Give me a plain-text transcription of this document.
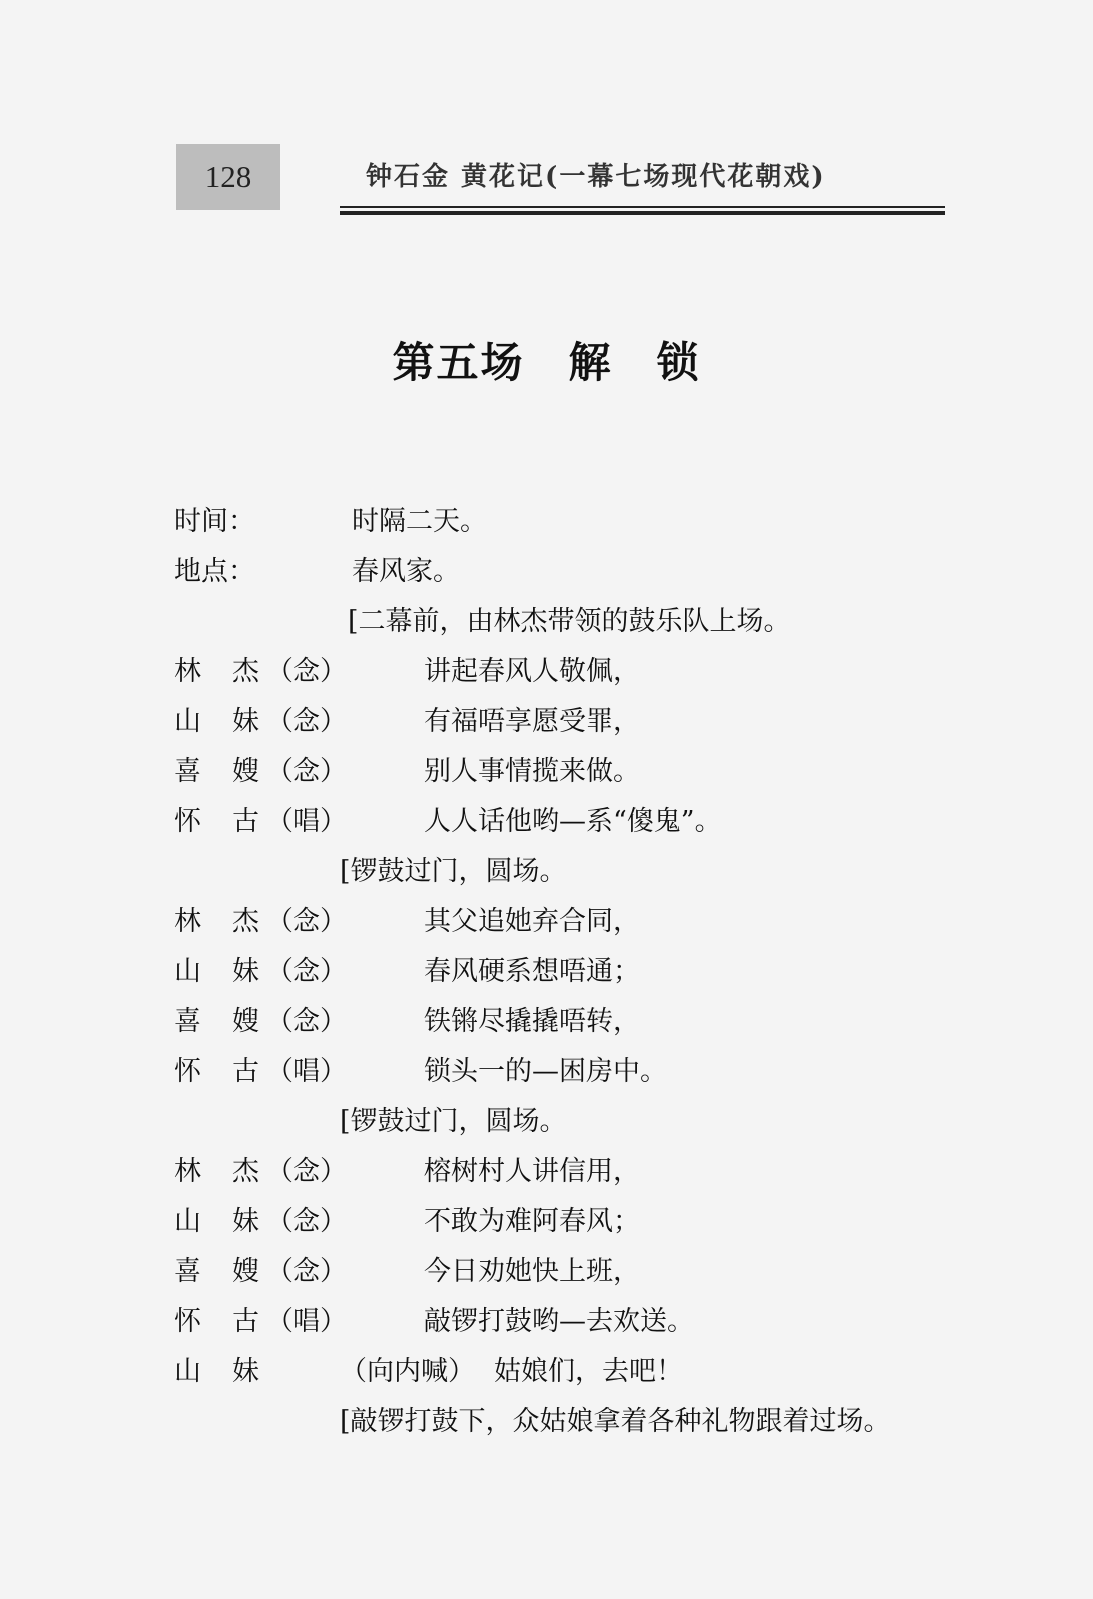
128	钟石金 黄花记(一幕七场现代花朝戏)
第五场　解　锁
时间：	时隔二天。
地点：	春风家。
[二幕前，由林杰带领的鼓乐队上场。
林 杰 （念）	讲起春风人敬佩，
山 妹 （念）	有福唔享愿受罪，
喜 嫂 （念）	别人事情揽来做。
怀 古 （唱）	人人话他哟—系“傻鬼”。
[锣鼓过门，圆场。
林 杰 （念）	其父追她弃合同，
山 妹 （念）	春风硬系想唔通；
喜 嫂 （念）	铁锵尽撬撬唔转，
怀 古 （唱）	锁头一的—困房中。
[锣鼓过门，圆场。
林 杰 （念）	榕树村人讲信用，
山 妹 （念）	不敢为难阿春风；
喜 嫂 （念）	今日劝她快上班，
怀 古 （唱）	敲锣打鼓哟—去欢送。
山 妹	（向内喊） 姑娘们，去吧！
[敲锣打鼓下，众姑娘拿着各种礼物跟着过场。
